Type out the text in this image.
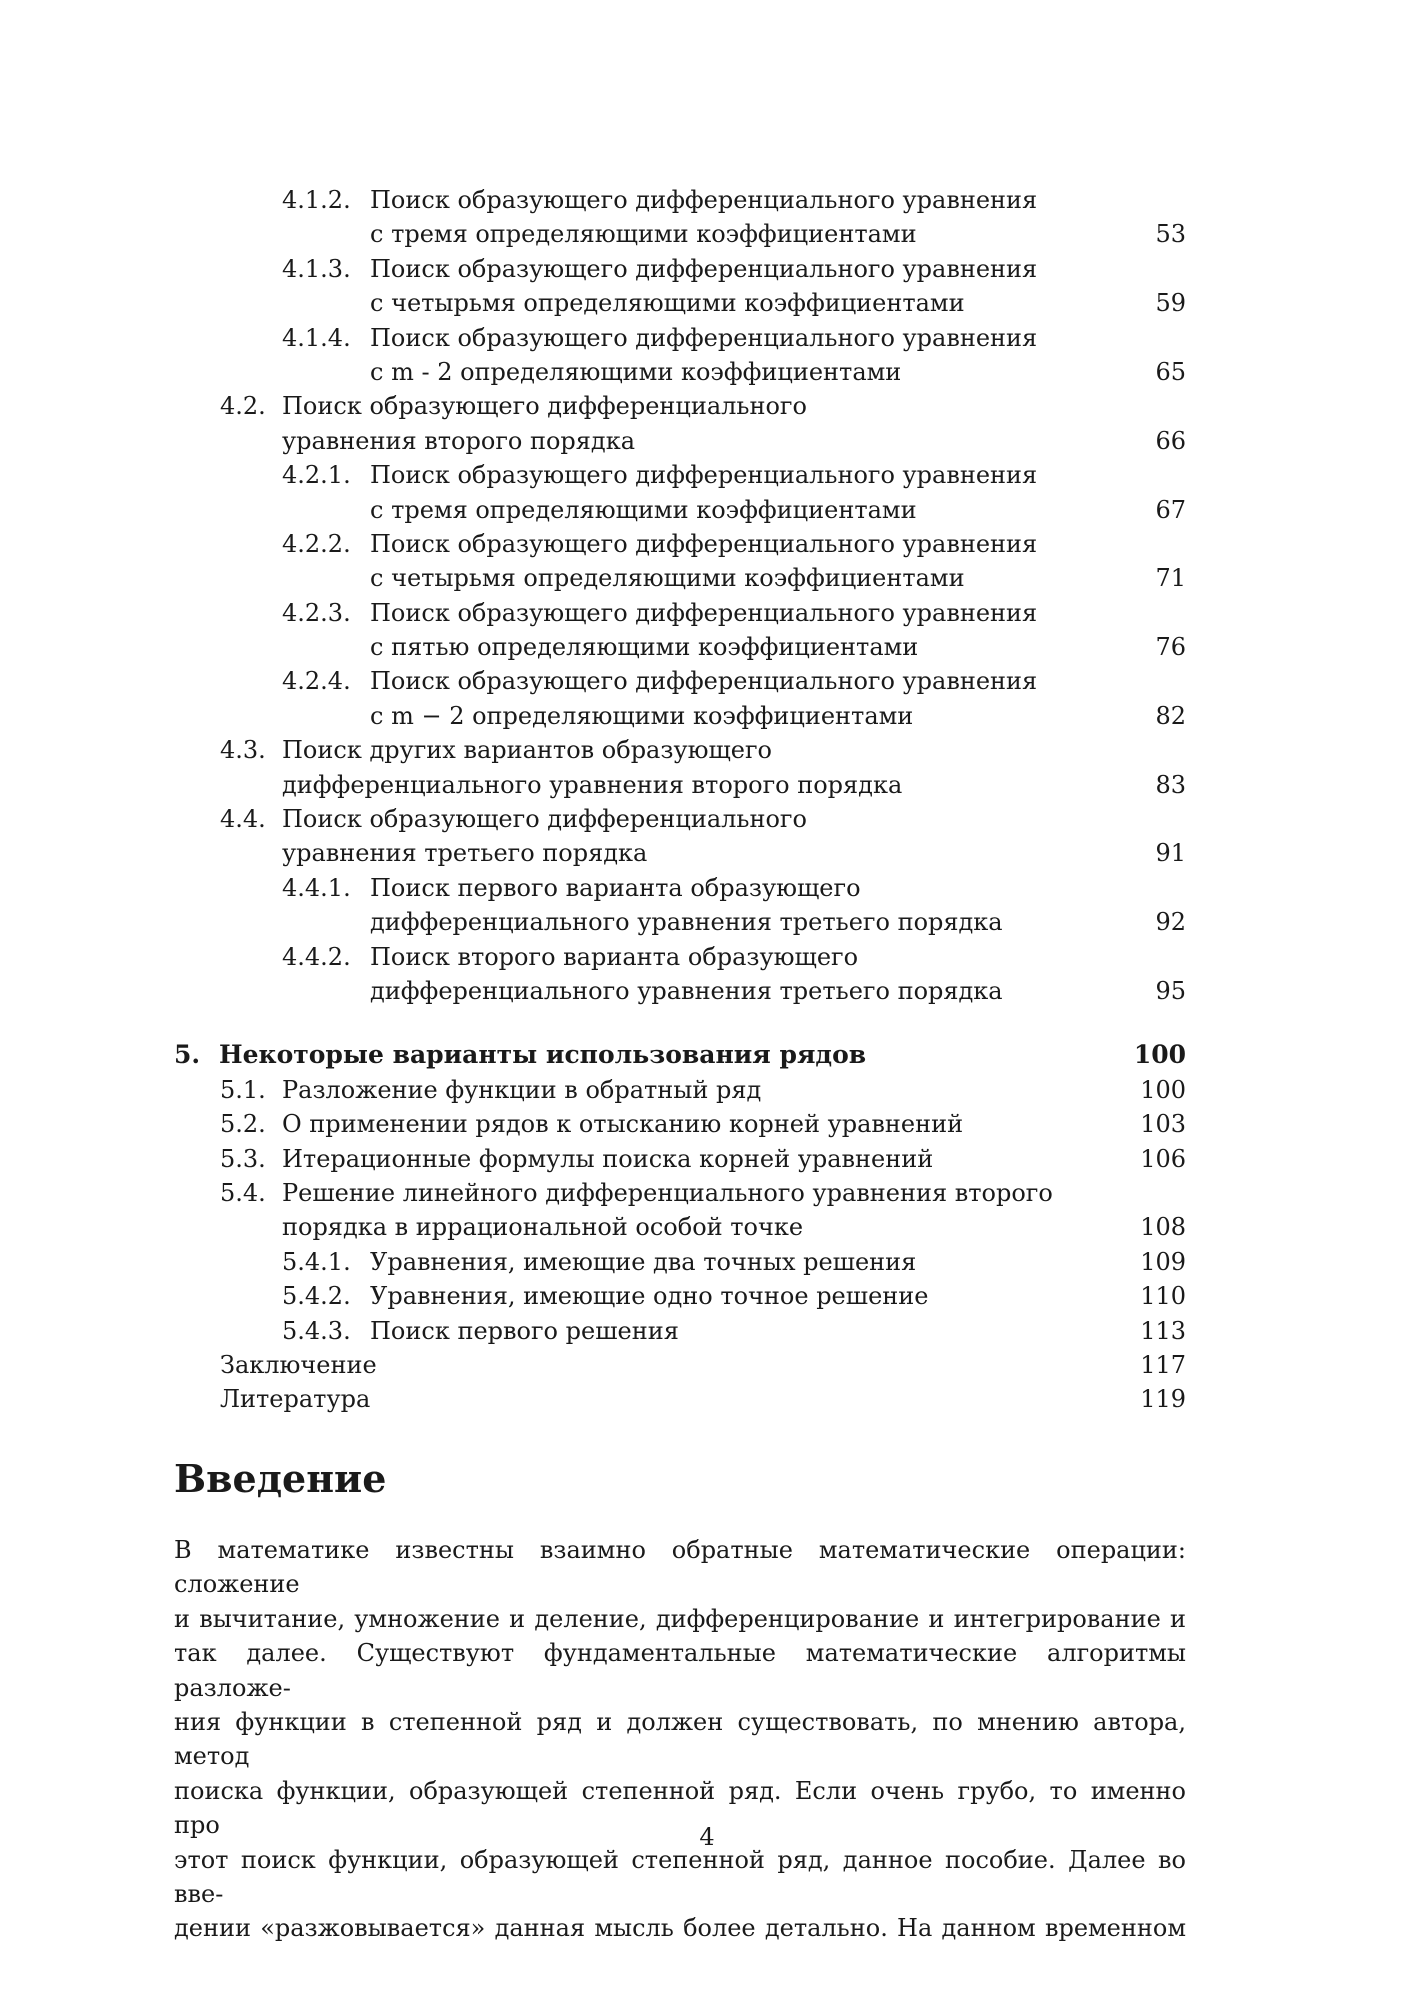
4.1.2. Поиск образующего дифференциального уравнения
с тремя определяющими коэффициентами	53
4.1.3. Поиск образующего дифференциального уравнения
с четырьмя определяющими коэффициентами	59
4.1.4. Поиск образующего дифференциального уравнения
с m - 2 определяющими коэффициентами	65
4.2. Поиск образующего дифференциального
уравнения второго порядка	66
4.2.1. Поиск образующего дифференциального уравнения
с тремя определяющими коэффициентами	67
4.2.2. Поиск образующего дифференциального уравнения
с четырьмя определяющими коэффициентами	71
4.2.3. Поиск образующего дифференциального уравнения
с пятью определяющими коэффициентами	76
4.2.4. Поиск образующего дифференциального уравнения
с m − 2 определяющими коэффициентами	82
4.3. Поиск других вариантов образующего
дифференциального уравнения второго порядка	83
4.4. Поиск образующего дифференциального
уравнения третьего порядка	91
4.4.1. Поиск первого варианта образующего
дифференциального уравнения третьего порядка	92
4.4.2. Поиск второго варианта образующего
дифференциального уравнения третьего порядка	95
5. Некоторые варианты использования рядов	100
5.1. Разложение функции в обратный ряд	100
5.2. О применении рядов к отысканию корней уравнений	103
5.3. Итерационные формулы поиска корней уравнений	106
5.4. Решение линейного дифференциального уравнения второго
порядка в иррациональной особой точке	108
5.4.1. Уравнения, имеющие два точных решения	109
5.4.2. Уравнения, имеющие одно точное решение	110
5.4.3. Поиск первого решения	113
Заключение	117
Литература	119
Введение
В математике известны взаимно обратные математические операции: сложение
и вычитание, умножение и деление, дифференцирование и интегрирование и
так далее. Существуют фундаментальные математические алгоритмы разложе-
ния функции в степенной ряд и должен существовать, по мнению автора, метод
поиска функции, образующей степенной ряд. Если очень грубо, то именно про
этот поиск функции, образующей степенной ряд, данное пособие. Далее во вве-
дении «разжовывается» данная мысль более детально. На данном временном
4
